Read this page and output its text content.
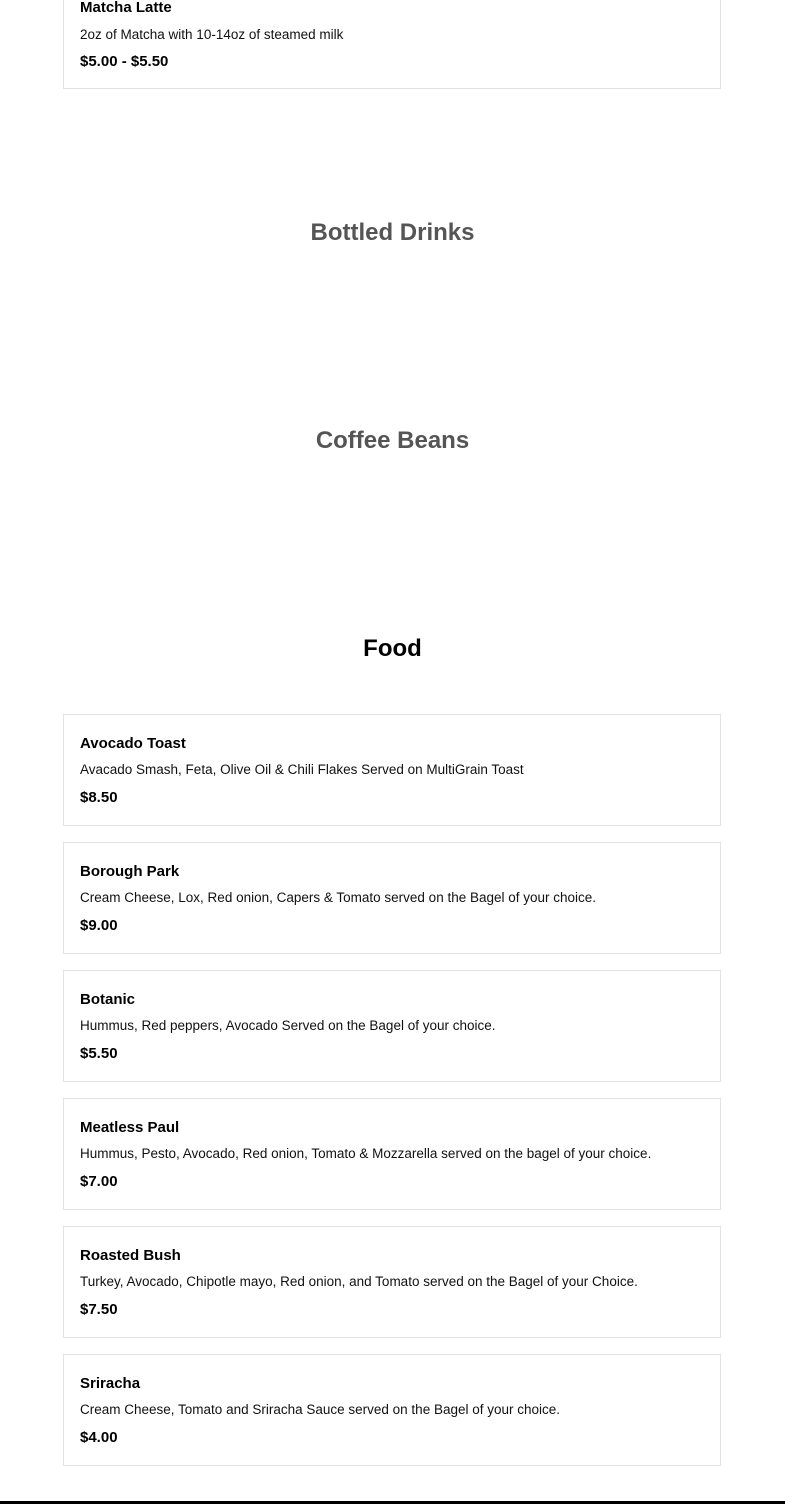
Matcha Latte
2oz of Matcha with 10-14oz of steamed milk
$5.00 - $5.50
Bottled Drinks
Coffee Beans
Food
Avocado Toast
Avacado Smash, Feta, Olive Oil & Chili Flakes Served on MultiGrain Toast
$8.50
Borough Park
Cream Cheese, Lox, Red onion, Capers & Tomato served on the Bagel of your choice.
$9.00
Botanic
Hummus, Red peppers, Avocado Served on the Bagel of your choice.
$5.50
Meatless Paul
Hummus, Pesto, Avocado, Red onion, Tomato & Mozzarella served on the bagel of your choice.
$7.00
Roasted Bush
Turkey, Avocado, Chipotle mayo, Red onion, and Tomato served on the Bagel of your Choice.
$7.50
Sriracha
Cream Cheese, Tomato and Sriracha Sauce served on the Bagel of your choice.
$4.00
